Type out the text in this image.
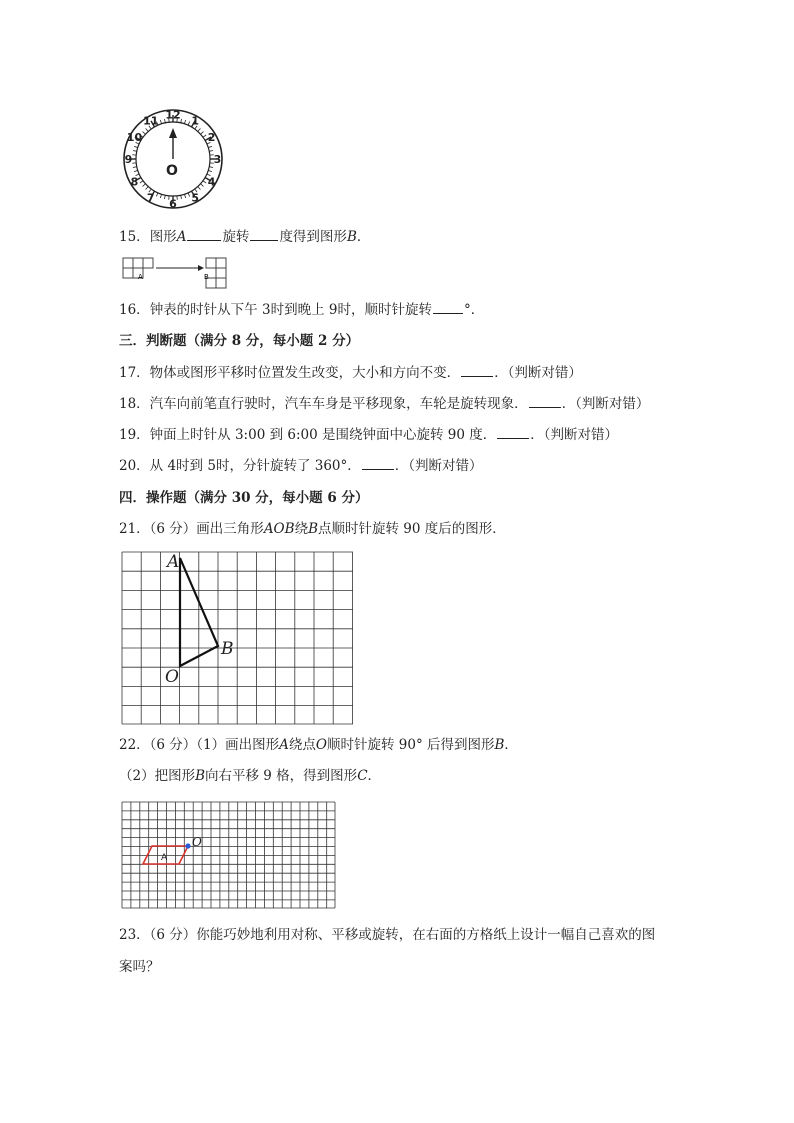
12 1
2
3
4
5
6
7
8
9
10
11
O
15．图形A	旋转 度得到图形B．
A	B
16．钟表的时针从下午 3时到晚上 9时，顺时针旋转 °．
三．判断题（满分 8 分，每小题 2 分）
17．物体或图形平移时位置发生改变，大小和方向不变．	．（判断对错）
18．汽车向前笔直行驶时，汽车车身是平移现象，车轮是旋转现象．	．（判断对错）
19．钟面上时针从 3:00 到 6:00 是围绕钟面中心旋转 90 度．	．（判断对错）
20．从 4时到 5时，分针旋转了 360°．	．（判断对错）
四．操作题（满分 30 分，每小题 6 分）
21．（6 分）画出三角形AOB绕B点顺时针旋转 90 度后的图形．
A
B
O
22．（6 分）（1）画出图形A绕点O顺时针旋转 90° 后得到图形B．
（2）把图形B向右平移 9 格，得到图形C．
A
O
23．（6 分）你能巧妙地利用对称、平移或旋转，在右面的方格纸上设计一幅自己喜欢的图
案吗？
